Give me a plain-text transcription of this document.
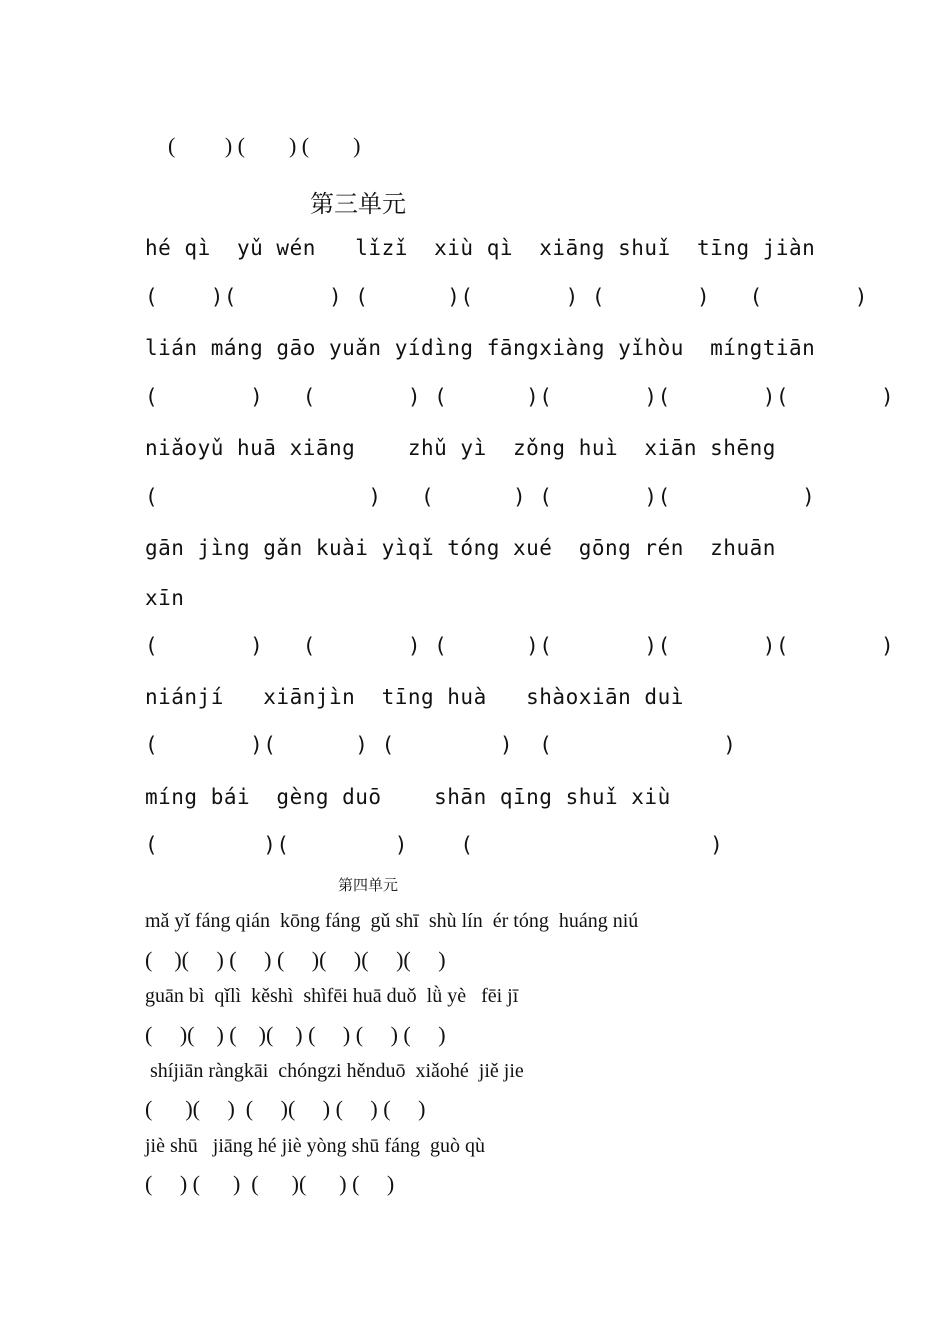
(         ) (        ) (        )
第三单元
hé qì  yǔ wén   lǐzǐ  xiù qì  xiāng shuǐ  tīng jiàn
(    )(       ) (      )(       ) (       )   (       )
lián máng gāo yuǎn yídìng fāngxiàng yǐhòu  míngtiān
(       )   (       ) (      )(       )(       )(       )
niǎoyǔ huā xiāng    zhǔ yì  zǒng huì  xiān shēng
(                )   (      ) (       )(          )
gān jìng gǎn kuài yìqǐ tóng xué  gōng rén  zhuān
xīn
(       )   (       ) (      )(       )(       )(       )
niánjí   xiānjìn  tīng huà   shàoxiān duì
(       )(      ) (        )  (             )
míng bái  gèng duō    shān qīng shuǐ xiù
(        )(        )    (                  )
第四单元
mǎ yǐ fáng qián  kōng fáng  gǔ shī  shù lín  ér tóng  huáng niú
(    )(     ) (     ) (     )(     )(     )(     )
guān bì  qǐlì  kěshì  shìfēi huā duǒ  lǜ yè   fēi jī
(     )(    ) (    )(    ) (     ) (     ) (     )
shíjiān ràngkāi  chóngzi hěnduō  xiǎohé  jiě jie
(      )(     )  (     )(     ) (     ) (     )
jiè shū   jiāng hé jiè yòng shū fáng  guò qù
(     ) (      )  (      )(      ) (     )
